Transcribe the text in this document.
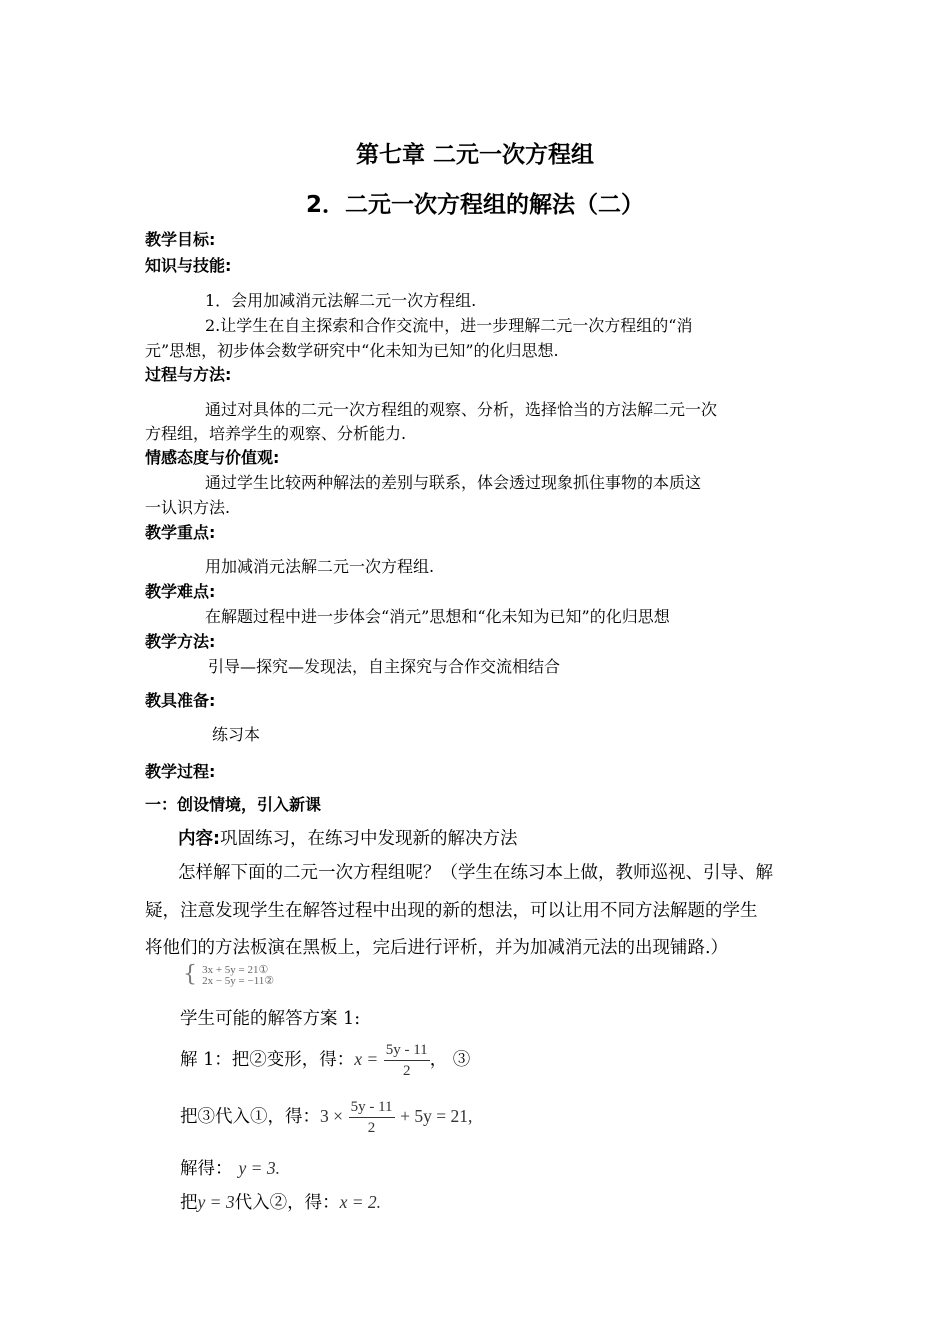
第七章 二元一次方程组
2．二元一次方程组的解法（二）
教学目标:
知识与技能:
1．会用加减消元法解二元一次方程组.
2.让学生在自主探索和合作交流中，进一步理解二元一次方程组的“消
元”思想，初步体会数学研究中“化未知为已知”的化归思想.
过程与方法:
通过对具体的二元一次方程组的观察、分析，选择恰当的方法解二元一次
方程组，培养学生的观察、分析能力.
情感态度与价值观:
通过学生比较两种解法的差别与联系，体会透过现象抓住事物的本质这
一认识方法.
教学重点:
用加减消元法解二元一次方程组.
教学难点:
在解题过程中进一步体会“消元”思想和“化未知为已知”的化归思想
教学方法:
引导—探究—发现法，自主探究与合作交流相结合
教具准备:
练习本
教学过程:
一：创设情境，引入新课
内容:巩固练习，在练习中发现新的解决方法
怎样解下面的二元一次方程组呢？（学生在练习本上做，教师巡视、引导、解
疑，注意发现学生在解答过程中出现的新的想法，可以让用不同方法解题的学生
将他们的方法板演在黑板上，完后进行评析，并为加减消元法的出现铺路.）
{ 3x + 5y = 21①
2x − 5y = −11②
学生可能的解答方案 1:
解 1：把②变形，得：$x = \frac{5y - 11}{2}$ ， ③
把③代入①，得：$3 \times \frac{5y - 11}{2} + 5y = 21$,
解得： y = 3.
把y = 3代入②，得：x = 2.
